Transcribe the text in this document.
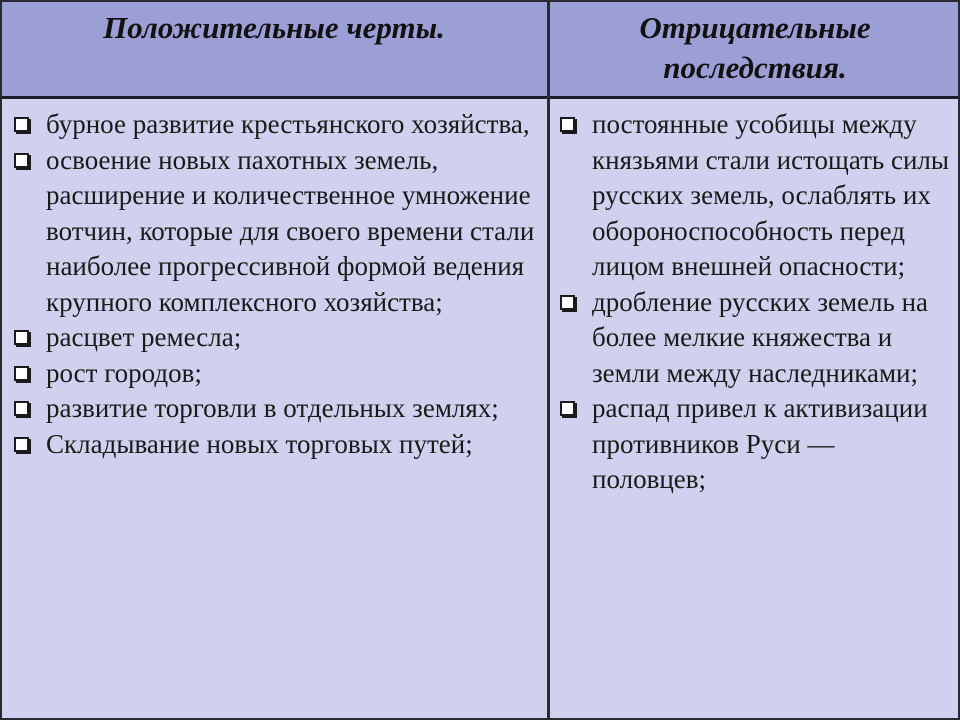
Положительные черты.	Отрицательные последствия.
бурное развитие крестьянского хозяйства,
освоение новых пахотных земель, расширение и количественное умножение вотчин, которые для своего времени стали наиболее прогрессивной формой ведения крупного комплексного хозяйства;
расцвет ремесла;
рост городов;
развитие торговли в отдельных землях;
Складывание новых торговых путей;
постоянные усобицы между князьями стали истощать силы русских земель, ослаблять их обороноспособность перед лицом внешней опасности;
дробление русских земель на более мелкие княжества и земли между наследниками;
распад привел к активизации противников Руси — половцев;
